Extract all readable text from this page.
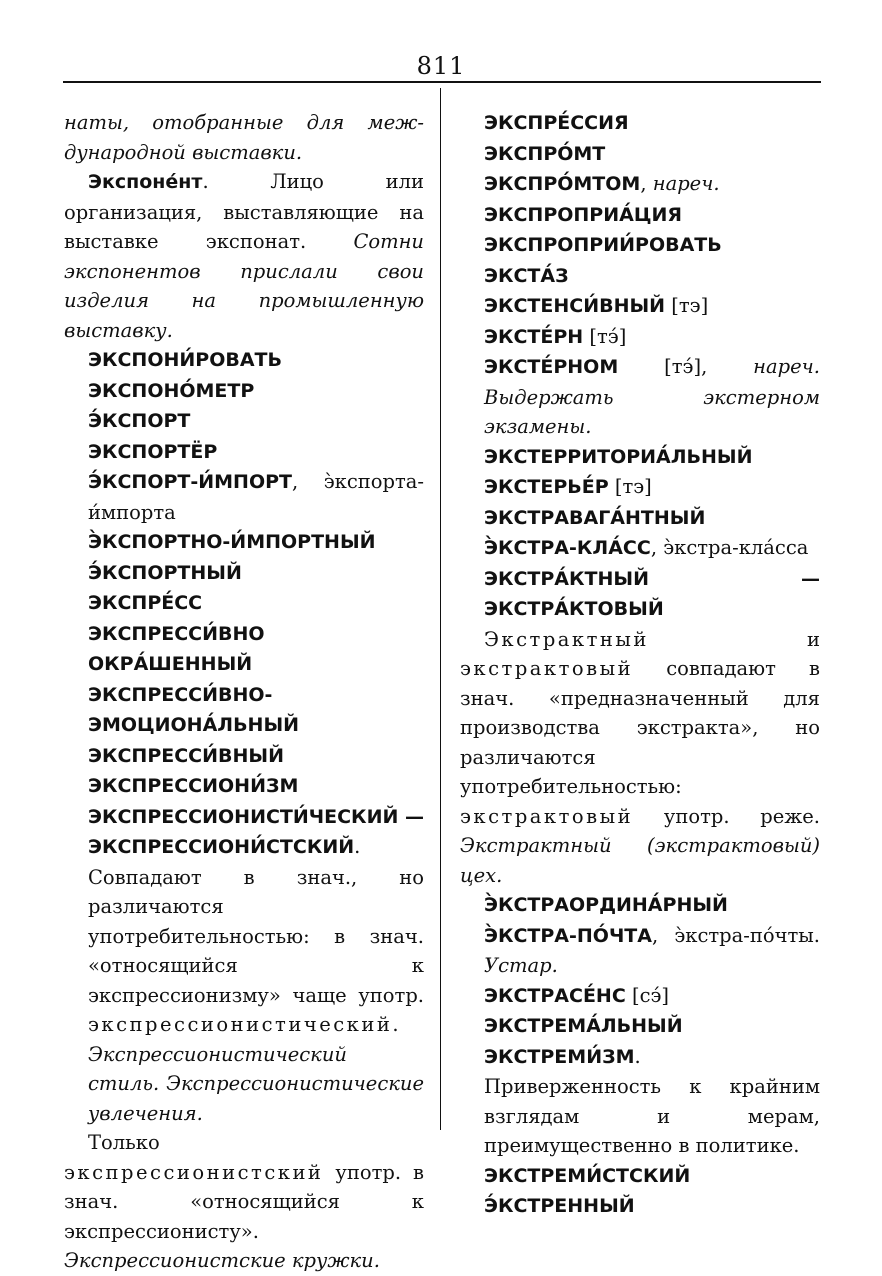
811

наты, отобранные для меж-дународной выставки.

Экспоне́нт. Лицо или организация, выставляющие на выставке экспонат. Сотни экспонентов прислали свои изделия на промышленную выставку.

ЭКСПОНИ́РОВАТЬ

ЭКСПОНО́МЕТР

Э́КСПОРТ

ЭКСПОРТЁР

Э́КСПОРТ-И́МПОРТ, э̀кспорта-и́мпорта

Э̀КСПОРТНО-И́МПОРТНЫЙ

Э́КСПОРТНЫЙ

ЭКСПРЕ́СС

ЭКСПРЕССИ́ВНО ОКРА́ШЕННЫЙ

ЭКСПРЕССИ́ВНО-ЭМОЦИОНА́ЛЬНЫЙ

ЭКСПРЕССИ́ВНЫЙ

ЭКСПРЕССИОНИ́ЗМ

ЭКСПРЕССИОНИСТИ́ЧЕСКИЙ — ЭКСПРЕССИОНИ́СТСКИЙ. Совпадают в знач., но различаются употребительностью: в знач. «относящийся к экспрессионизму» чаще употр. экспрессионистический. Экспрессионистический стиль. Экспрессионистические увлечения.

Только экспрессионистский употр. в знач. «относящийся к экспрессионисту». Экспрессионистские кружки.

ЭКСПРЕ́ССИЯ

ЭКСПРО́МТ

ЭКСПРО́МТОМ, нареч.

ЭКСПРОПРИА́ЦИЯ

ЭКСПРОПРИИ́РОВАТЬ

ЭКСТА́З

ЭКСТЕНСИ́ВНЫЙ [тэ]

ЭКСТЕ́РН [тэ́]

ЭКСТЕ́РНОМ [тэ́], нареч. Выдержать экстерном экзамены.

ЭКСТЕРРИТОРИА́ЛЬНЫЙ

ЭКСТЕРЬЕ́Р [тэ]

ЭКСТРАВАГА́НТНЫЙ

Э̀КСТРА-КЛА́СС, э̀кстра-кла́сса

ЭКСТРА́КТНЫЙ — ЭКСТРА́КТОВЫЙ

Экстрактный и экстрактовый совпадают в знач. «предназначенный для производства экстракта», но различаются употребительностью: экстрактовый употр. реже. Экстрактный (экстрактовый) цех.

Э̀КСТРАОРДИНА́РНЫЙ

Э̀КСТРА-ПО́ЧТА, э̀кстра-по́чты. Устар.

ЭКСТРАСЕ́НС [сэ́]

ЭКСТРЕМА́ЛЬНЫЙ

ЭКСТРЕМИ́ЗМ. Приверженность к крайним взглядам и мерам, преимущественно в политике.

ЭКСТРЕМИ́СТСКИЙ

Э́КСТРЕННЫЙ
